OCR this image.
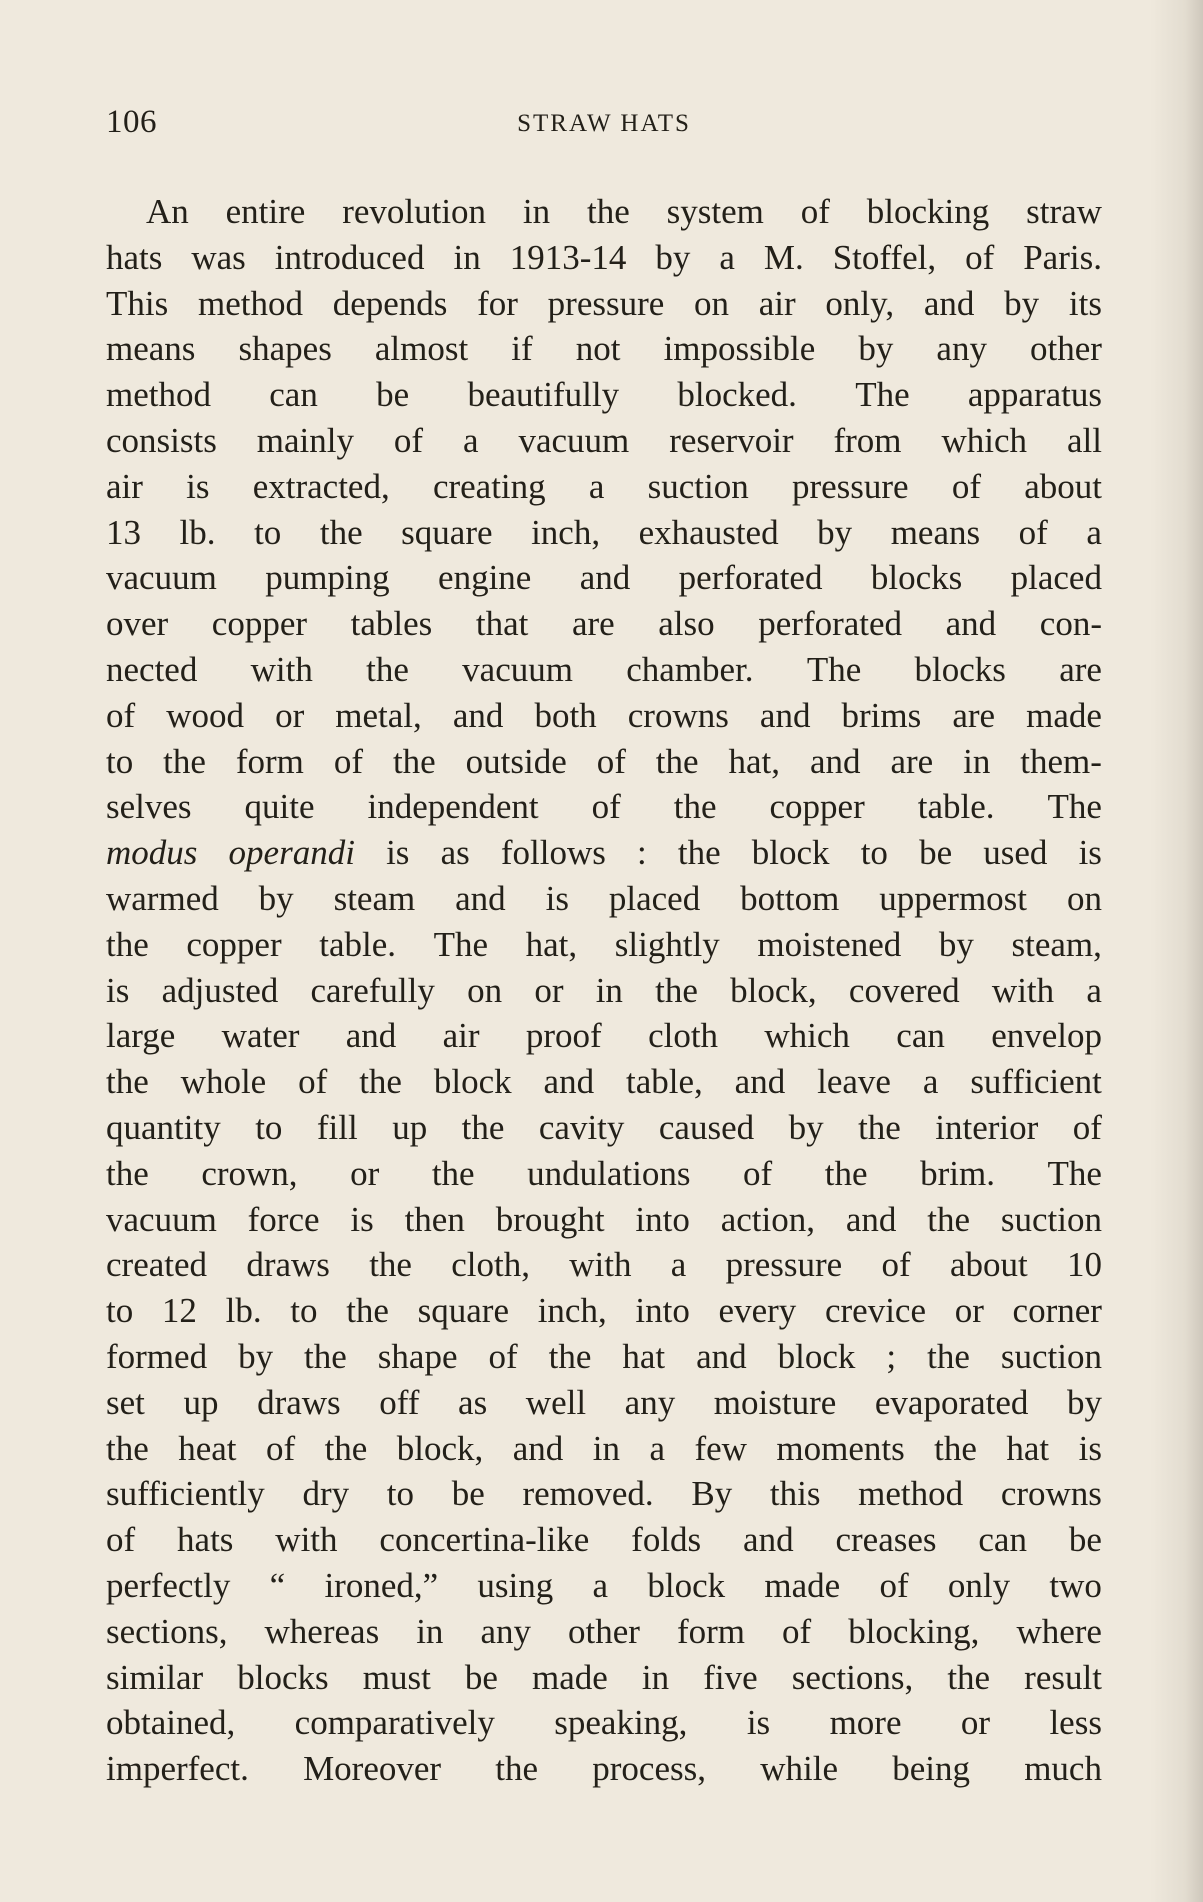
106	STRAW HATS
An entire revolution in the system of blocking straw
hats was introduced in 1913-14 by a M. Stoffel, of Paris.
This method depends for pressure on air only, and by its
means shapes almost if not impossible by any other
method can be beautifully blocked. The apparatus
consists mainly of a vacuum reservoir from which all
air is extracted, creating a suction pressure of about
13 lb. to the square inch, exhausted by means of a
vacuum pumping engine and perforated blocks placed
over copper tables that are also perforated and con-
nected with the vacuum chamber. The blocks are
of wood or metal, and both crowns and brims are made
to the form of the outside of the hat, and are in them-
selves quite independent of the copper table. The
modus operandi is as follows : the block to be used is
warmed by steam and is placed bottom uppermost on
the copper table. The hat, slightly moistened by steam,
is adjusted carefully on or in the block, covered with a
large water and air proof cloth which can envelop
the whole of the block and table, and leave a sufficient
quantity to fill up the cavity caused by the interior of
the crown, or the undulations of the brim. The
vacuum force is then brought into action, and the suction
created draws the cloth, with a pressure of about 10
to 12 lb. to the square inch, into every crevice or corner
formed by the shape of the hat and block ; the suction
set up draws off as well any moisture evaporated by
the heat of the block, and in a few moments the hat is
sufficiently dry to be removed. By this method crowns
of hats with concertina-like folds and creases can be
perfectly “ ironed,” using a block made of only two
sections, whereas in any other form of blocking, where
similar blocks must be made in five sections, the result
obtained, comparatively speaking, is more or less
imperfect. Moreover the process, while being much
